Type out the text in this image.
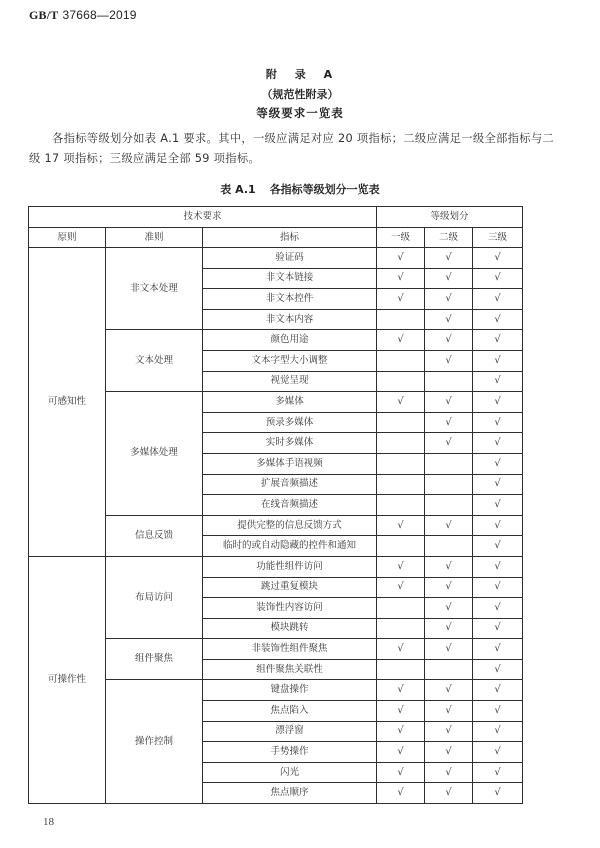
GB/T 37668—2019
附 录 A
（规范性附录）
等级要求一览表
各指标等级划分如表 A.1 要求。其中，一级应满足对应 20 项指标；二级应满足一级全部指标与二级 17 项指标；三级应满足全部 59 项指标。
表 A.1 各指标等级划分一览表
技术要求			等级划分		
原则	准则	指标	一级	二级	三级
可感知性	非文本处理	验证码	√	√	√
		非文本链接	√	√	√
		非文本控件	√	√	√
		非文本内容		√	√
	文本处理	颜色用途	√	√	√
		文本字型大小调整		√	√
		视觉呈现			√
	多媒体处理	多媒体	√	√	√
		预录多媒体		√	√
		实时多媒体		√	√
		多媒体手语视频			√
		扩展音频描述			√
		在线音频描述			√
	信息反馈	提供完整的信息反馈方式	√	√	√
		临时的或自动隐藏的控件和通知			√
可操作性	布局访问	功能性组件访问	√	√	√
		跳过重复模块	√	√	√
		装饰性内容访问		√	√
		模块跳转		√	√
	组件聚焦	非装饰性组件聚焦	√	√	√
		组件聚焦关联性			√
	操作控制	键盘操作	√	√	√
		焦点陷入	√	√	√
		漂浮窗	√	√	√
		手势操作	√	√	√
		闪光	√	√	√
		焦点顺序	√	√	√
18
